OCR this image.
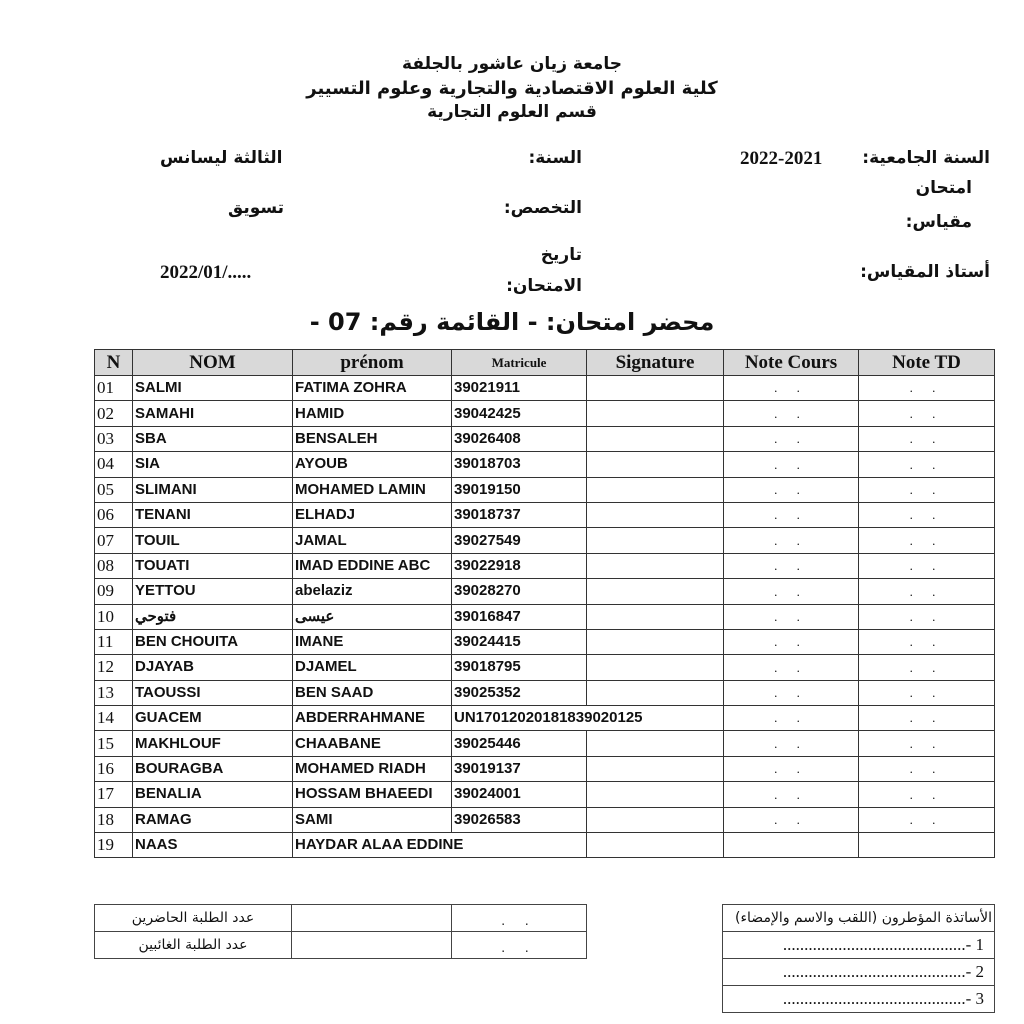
جامعة زيان عاشور بالجلفة
كلية العلوم الاقتصادية والتجارية وعلوم التسيير
قسم العلوم التجارية
السنة الجامعية:
2022-2021
السنة:
الثالثة ليسانس
امتحان
مقياس:
التخصص:
تسويق
تاريخ
الامتحان:
أستاذ المقياس:
2022/01/.....
محضر امتحان: - القائمة رقم: 07 -
N	NOM	prénom	Matricule	Signature	Note Cours	Note TD
01	SALMI	FATIMA ZOHRA	39021911		. .	. .
02	SAMAHI	HAMID	39042425		. .	. .
03	SBA	BENSALEH	39026408		. .	. .
04	SIA	AYOUB	39018703		. .	. .
05	SLIMANI	MOHAMED LAMIN	39019150		. .	. .
06	TENANI	ELHADJ	39018737		. .	. .
07	TOUIL	JAMAL	39027549		. .	. .
08	TOUATI	IMAD EDDINE ABC	39022918		. .	. .
09	YETTOU	abelaziz	39028270		. .	. .
10	فتوحي	عيسى	39016847		. .	. .
11	BEN CHOUITA	IMANE	39024415		. .	. .
12	DJAYAB	DJAMEL	39018795		. .	. .
13	TAOUSSI	BEN SAAD	39025352		. .	. .
14	GUACEM	ABDERRAHMANE	UN17012020181839020125		. .	. .
15	MAKHLOUF	CHAABANE	39025446		. .	. .
16	BOURAGBA	MOHAMED RIADH	39019137		. .	. .
17	BENALIA	HOSSAM BHAEEDI	39024001		. .	. .
18	RAMAG	SAMI	39026583		. .	. .
19	NAAS	HAYDAR ALAA EDDINE				
عدد الطلبة الحاضرين		. .
عدد الطلبة الغائبين		. .
الأساتذة المؤطرون (اللقب والاسم والإمضاء)
1 -...........................................
2 -...........................................
3 -...........................................
